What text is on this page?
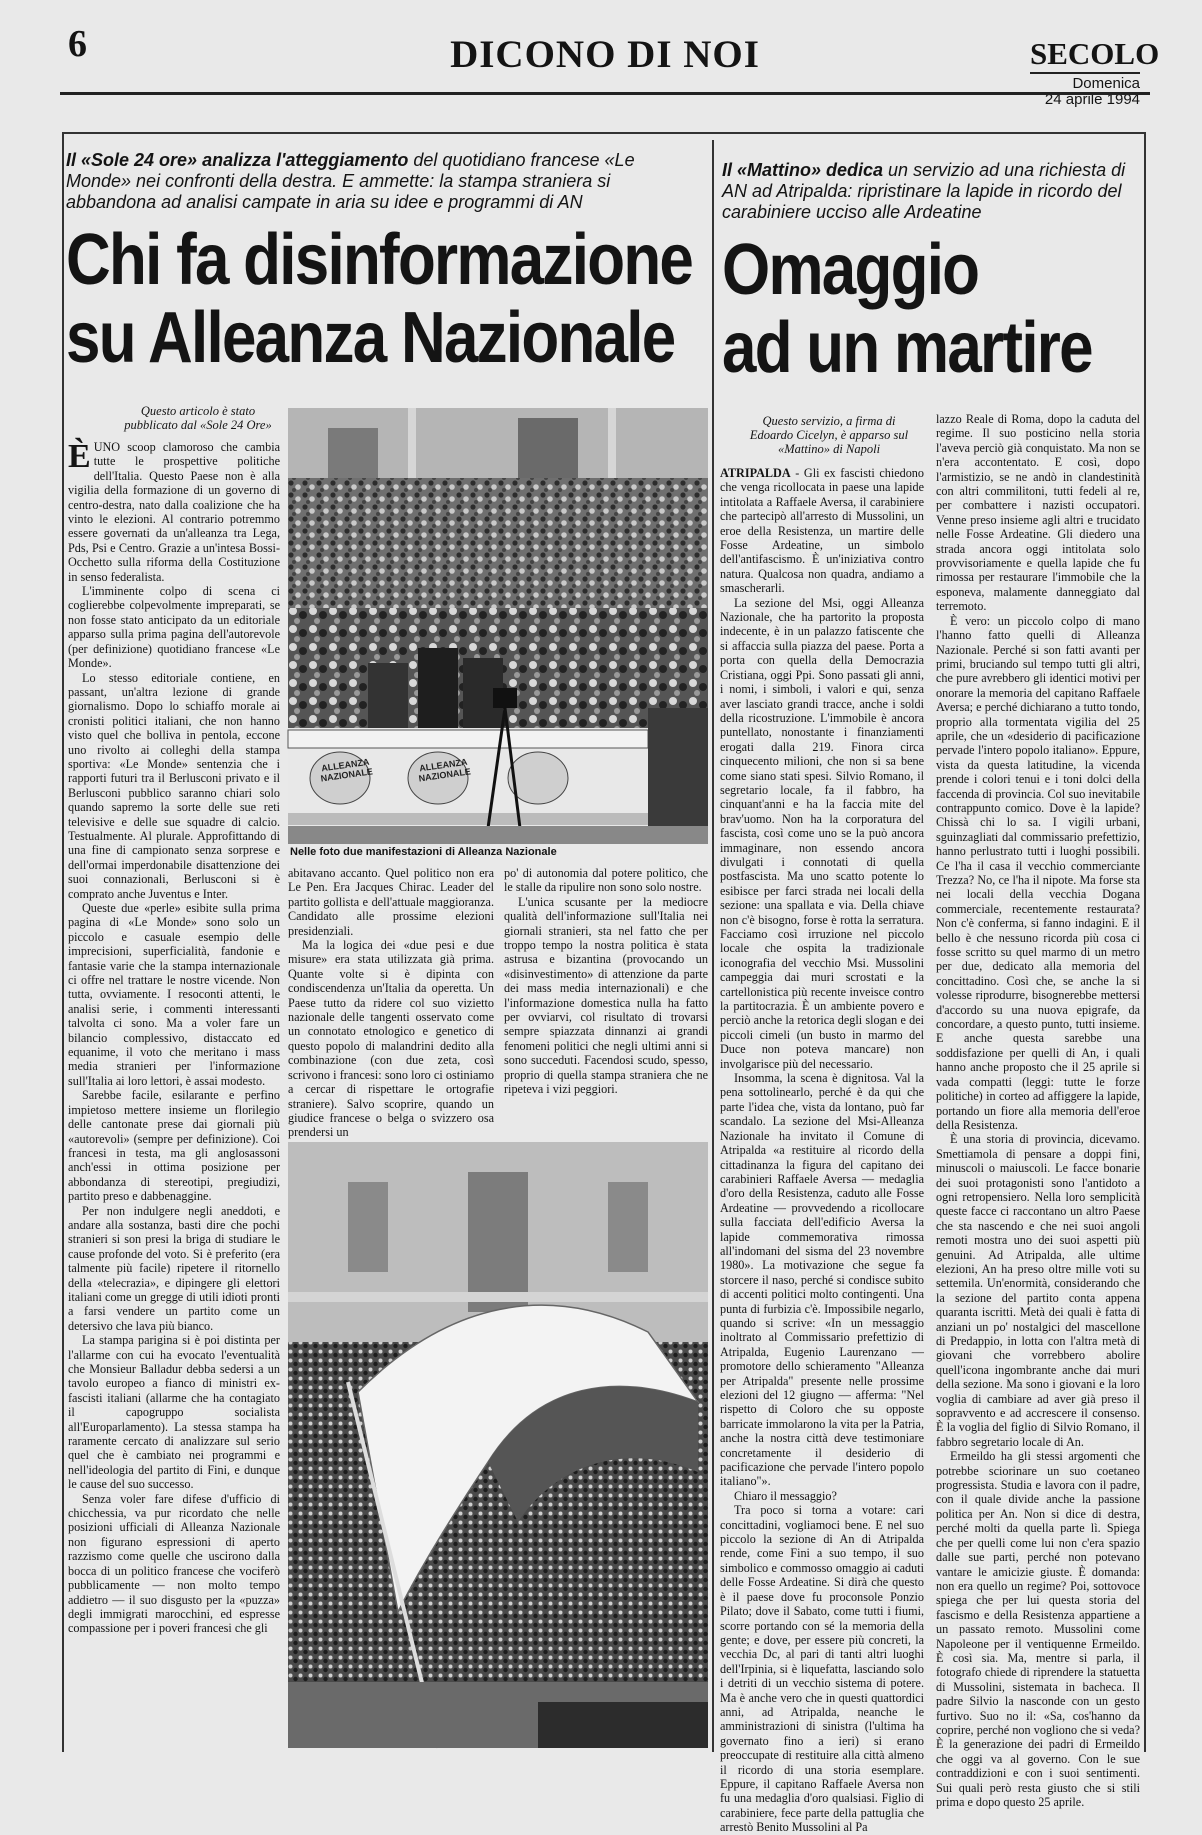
6	DICONO DI NOI	SECOLO
Domenica
24 aprile 1994
Il «Sole 24 ore» analizza l'atteggiamento del quotidiano francese «Le Monde» nei confronti della destra. E ammette: la stampa straniera si abbandona ad analisi campate in aria su idee e programmi di AN
Chi fa disinformazione
su Alleanza Nazionale
Questo articolo è stato pubblicato dal «Sole 24 Ore»

ÈUNO scoop clamoroso che cambia tutte le prospettive politiche dell'Italia. Questo Paese non è alla vigilia della formazione di un governo di centro-destra, nato dalla coalizione che ha vinto le elezioni. Al contrario potremmo essere governati da un'alleanza tra Lega, Pds, Psi e Centro. Grazie a un'intesa Bossi-Occhetto sulla riforma della Costituzione in senso federalista.

L'imminente colpo di scena ci coglierebbe colpevolmente impreparati, se non fosse stato anticipato da un editoriale apparso sulla prima pagina dell'autorevole (per definizione) quotidiano francese «Le Monde».

Lo stesso editoriale contiene, en passant, un'altra lezione di grande giornalismo. Dopo lo schiaffo morale ai cronisti politici italiani, che non hanno visto quel che bolliva in pentola, eccone uno rivolto ai colleghi della stampa sportiva: «Le Monde» sentenzia che i rapporti futuri tra il Berlusconi privato e il Berlusconi pubblico saranno chiari solo quando sapremo la sorte delle sue reti televisive e delle sue squadre di calcio. Testualmente. Al plurale. Approfittando di una fine di campionato senza sorprese e dell'ormai imperdonabile disattenzione dei suoi connazionali, Berlusconi si è comprato anche Juventus e Inter.

Queste due «perle» esibite sulla prima pagina di «Le Monde» sono solo un piccolo e casuale esempio delle imprecisioni, superficialità, fandonie e fantasie varie che la stampa internazionale ci offre nel trattare le nostre vicende. Non tutta, ovviamente. I resoconti attenti, le analisi serie, i commenti interessanti talvolta ci sono. Ma a voler fare un bilancio complessivo, distaccato ed equanime, il voto che meritano i mass media stranieri per l'informazione sull'Italia ai loro lettori, è assai modesto.

Sarebbe facile, esilarante e perfino impietoso mettere insieme un florilegio delle cantonate prese dai giornali più «autorevoli» (sempre per definizione). Coi francesi in testa, ma gli anglosassoni anch'essi in ottima posizione per abbondanza di stereotipi, pregiudizi, partito preso e dabbenaggine.

Per non indulgere negli aneddoti, e andare alla sostanza, basti dire che pochi stranieri si son presi la briga di studiare le cause profonde del voto. Si è preferito (era talmente più facile) ripetere il ritornello della «telecrazia», e dipingere gli elettori italiani come un gregge di utili idioti pronti a farsi vendere un partito come un detersivo che lava più bianco.

La stampa parigina si è poi distinta per l'allarme con cui ha evocato l'eventualità che Monsieur Balladur debba sedersi a un tavolo europeo a fianco di ministri ex-fascisti italiani (allarme che ha contagiato il capogruppo socialista all'Europarlamento). La stessa stampa ha raramente cercato di analizzare sul serio quel che è cambiato nei programmi e nell'ideologia del partito di Fini, e dunque le cause del suo successo.

Senza voler fare difese d'ufficio di chicchessia, va pur ricordato che nelle posizioni ufficiali di Alleanza Nazionale non figurano espressioni di aperto razzismo come quelle che uscirono dalla bocca di un politico francese che vociferò pubblicamente — non molto tempo addietro — il suo disgusto per la «puzza» degli immigrati marocchini, ed espresse compassione per i poveri francesi che gli

ALLEANZA NAZIONALE
ALLEANZA NAZIONALE
Nelle foto due manifestazioni di Alleanza Nazionale

abitavano accanto. Quel politico non era Le Pen. Era Jacques Chirac. Leader del partito gollista e dell'attuale maggioranza. Candidato alle prossime elezioni presidenziali.

Ma la logica dei «due pesi e due misure» era stata utilizzata già prima. Quante volte si è dipinta con condiscendenza un'Italia da operetta. Un Paese tutto da ridere col suo vizietto nazionale delle tangenti osservato come un connotato etnologico e genetico di questo popolo di malandrini dedito alla combinazione (con due zeta, così scrivono i francesi: sono loro ci ostiniamo a cercar di rispettare le ortografie straniere). Salvo scoprire, quando un giudice francese o belga o svizzero osa prendersi un

po' di autonomia dal potere politico, che le stalle da ripulire non sono solo nostre.

L'unica scusante per la mediocre qualità dell'informazione sull'Italia nei giornali stranieri, sta nel fatto che per troppo tempo la nostra politica è stata astrusa e bizantina (provocando un «disinvestimento» di attenzione da parte dei mass media internazionali) e che l'informazione domestica nulla ha fatto per ovviarvi, col risultato di trovarsi sempre spiazzata dinnanzi ai grandi fenomeni politici che negli ultimi anni si sono succeduti. Facendosi scudo, spesso, proprio di quella stampa straniera che ne ripeteva i vizi peggiori.

Il «Mattino» dedica un servizio ad una richiesta di AN ad Atripalda: ripristinare la lapide in ricordo del carabiniere ucciso alle Ardeatine
Omaggio
ad un martire
Questo servizio, a firma di Edoardo Cicelyn, è apparso sul «Mattino» di Napoli

ATRIPALDA - Gli ex fascisti chiedono che venga ricollocata in paese una lapide intitolata a Raffaele Aversa, il carabiniere che partecipò all'arresto di Mussolini, un eroe della Resistenza, un martire delle Fosse Ardeatine, un simbolo dell'antifascismo. È un'iniziativa contro natura. Qualcosa non quadra, andiamo a smascherarli.

La sezione del Msi, oggi Alleanza Nazionale, che ha partorito la proposta indecente, è in un palazzo fatiscente che si affaccia sulla piazza del paese. Porta a porta con quella della Democrazia Cristiana, oggi Ppi. Sono passati gli anni, i nomi, i simboli, i valori e qui, senza aver lasciato grandi tracce, anche i soldi della ricostruzione. L'immobile è ancora puntellato, nonostante i finanziamenti erogati dalla 219. Finora circa cinquecento milioni, che non si sa bene come siano stati spesi. Silvio Romano, il segretario locale, fa il fabbro, ha cinquant'anni e ha la faccia mite del brav'uomo. Non ha la corporatura del fascista, così come uno se la può ancora immaginare, non essendo ancora divulgati i connotati di quella postfascista. Ma uno scatto potente lo esibisce per farci strada nei locali della sezione: una spallata e via. Della chiave non c'è bisogno, forse è rotta la serratura. Facciamo così irruzione nel piccolo locale che ospita la tradizionale iconografia del vecchio Msi. Mussolini campeggia dai muri scrostati e la cartellonistica più recente inveisce contro la partitocrazia. È un ambiente povero e perciò anche la retorica degli slogan e dei piccoli cimeli (un busto in marmo del Duce non poteva mancare) non involgarisce più del necessario.

Insomma, la scena è dignitosa. Val la pena sottolinearlo, perché è da qui che parte l'idea che, vista da lontano, può far scandalo. La sezione del Msi-Alleanza Nazionale ha invitato il Comune di Atripalda «a restituire al ricordo della cittadinanza la figura del capitano dei carabinieri Raffaele Aversa — medaglia d'oro della Resistenza, caduto alle Fosse Ardeatine — provvedendo a ricollocare sulla facciata dell'edificio Aversa la lapide commemorativa rimossa all'indomani del sisma del 23 novembre 1980». La motivazione che segue fa storcere il naso, perché si condisce subito di accenti politici molto contingenti. Una punta di furbizia c'è. Impossibile negarlo, quando si scrive: «In un messaggio inoltrato al Commissario prefettizio di Atripalda, Eugenio Laurenzano — promotore dello schieramento "Alleanza per Atripalda" presente nelle prossime elezioni del 12 giugno — afferma: "Nel rispetto di Coloro che su opposte barricate immolarono la vita per la Patria, anche la nostra città deve testimoniare concretamente il desiderio di pacificazione che pervade l'intero popolo italiano"».

Chiaro il messaggio?

Tra poco si torna a votare: cari concittadini, vogliamoci bene. E nel suo piccolo la sezione di An di Atripalda rende, come Fini a suo tempo, il suo simbolico e commosso omaggio ai caduti delle Fosse Ardeatine. Si dirà che questo è il paese dove fu proconsole Ponzio Pilato; dove il Sabato, come tutti i fiumi, scorre portando con sé la memoria della gente; e dove, per essere più concreti, la vecchia Dc, al pari di tanti altri luoghi dell'Irpinia, si è liquefatta, lasciando solo i detriti di un vecchio sistema di potere. Ma è anche vero che in questi quattordici anni, ad Atripalda, neanche le amministrazioni di sinistra (l'ultima ha governato fino a ieri) si erano preoccupate di restituire alla città almeno il ricordo di una storia esemplare. Eppure, il capitano Raffaele Aversa non fu una medaglia d'oro qualsiasi. Figlio di carabiniere, fece parte della pattuglia che arrestò Benito Mussolini al Pa

lazzo Reale di Roma, dopo la caduta del regime. Il suo posticino nella storia l'aveva perciò già conquistato. Ma non se n'era accontentato. E così, dopo l'armistizio, se ne andò in clandestinità con altri commilitoni, tutti fedeli al re, per combattere i nazisti occupatori. Venne preso insieme agli altri e trucidato nelle Fosse Ardeatine. Gli diedero una strada ancora oggi intitolata solo provvisoriamente e quella lapide che fu rimossa per restaurare l'immobile che la esponeva, malamente danneggiato dal terremoto.

È vero: un piccolo colpo di mano l'hanno fatto quelli di Alleanza Nazionale. Perché si son fatti avanti per primi, bruciando sul tempo tutti gli altri, che pure avrebbero gli identici motivi per onorare la memoria del capitano Raffaele Aversa; e perché dichiarano a tutto tondo, proprio alla tormentata vigilia del 25 aprile, che un «desiderio di pacificazione pervade l'intero popolo italiano». Eppure, vista da questa latitudine, la vicenda prende i colori tenui e i toni dolci della faccenda di provincia. Col suo inevitabile contrappunto comico. Dove è la lapide? Chissà chi lo sa. I vigili urbani, sguinzagliati dal commissario prefettizio, hanno perlustrato tutti i luoghi possibili. Ce l'ha il casa il vecchio commerciante Trezza? No, ce l'ha il nipote. Ma forse sta nei locali della vecchia Dogana commerciale, recentemente restaurata? Non c'è conferma, si fanno indagini. E il bello è che nessuno ricorda più cosa ci fosse scritto su quel marmo di un metro per due, dedicato alla memoria del concittadino. Così che, se anche la si volesse riprodurre, bisognerebbe mettersi d'accordo su una nuova epigrafe, da concordare, a questo punto, tutti insieme. E anche questa sarebbe una soddisfazione per quelli di An, i quali hanno anche proposto che il 25 aprile si vada compatti (leggi: tutte le forze politiche) in corteo ad affiggere la lapide, portando un fiore alla memoria dell'eroe della Resistenza.

È una storia di provincia, dicevamo. Smettiamola di pensare a doppi fini, minuscoli o maiuscoli. Le facce bonarie dei suoi protagonisti sono l'antidoto a ogni retropensiero. Nella loro semplicità queste facce ci raccontano un altro Paese che sta nascendo e che nei suoi angoli remoti mostra uno dei suoi aspetti più genuini. Ad Atripalda, alle ultime elezioni, An ha preso oltre mille voti su settemila. Un'enormità, considerando che la sezione del partito conta appena quaranta iscritti. Metà dei quali è fatta di anziani un po' nostalgici del mascellone di Predappio, in lotta con l'altra metà di giovani che vorrebbero abolire quell'icona ingombrante anche dai muri della sezione. Ma sono i giovani e la loro voglia di cambiare ad aver già preso il sopravvento e ad accrescere il consenso. È la voglia del figlio di Silvio Romano, il fabbro segretario locale di An.

Ermeildo ha gli stessi argomenti che potrebbe sciorinare un suo coetaneo progressista. Studia e lavora con il padre, con il quale divide anche la passione politica per An. Non si dice di destra, perché molti da quella parte lì. Spiega che per quelli come lui non c'era spazio dalle sue parti, perché non potevano vantare le amicizie giuste. È domanda: non era quello un regime? Poi, sottovoce spiega che per lui questa storia del fascismo e della Resistenza appartiene a un passato remoto. Mussolini come Napoleone per il ventiquenne Ermeildo. È così sia. Ma, mentre si parla, il fotografo chiede di riprendere la statuetta di Mussolini, sistemata in bacheca. Il padre Silvio la nasconde con un gesto furtivo. Suo no il: «Sa, cos'hanno da coprire, perché non vogliono che si veda? È la generazione dei padri di Ermeildo che oggi va al governo. Con le sue contraddizioni e con i suoi sentimenti. Sui quali però resta giusto che si stili prima e dopo questo 25 aprile.
